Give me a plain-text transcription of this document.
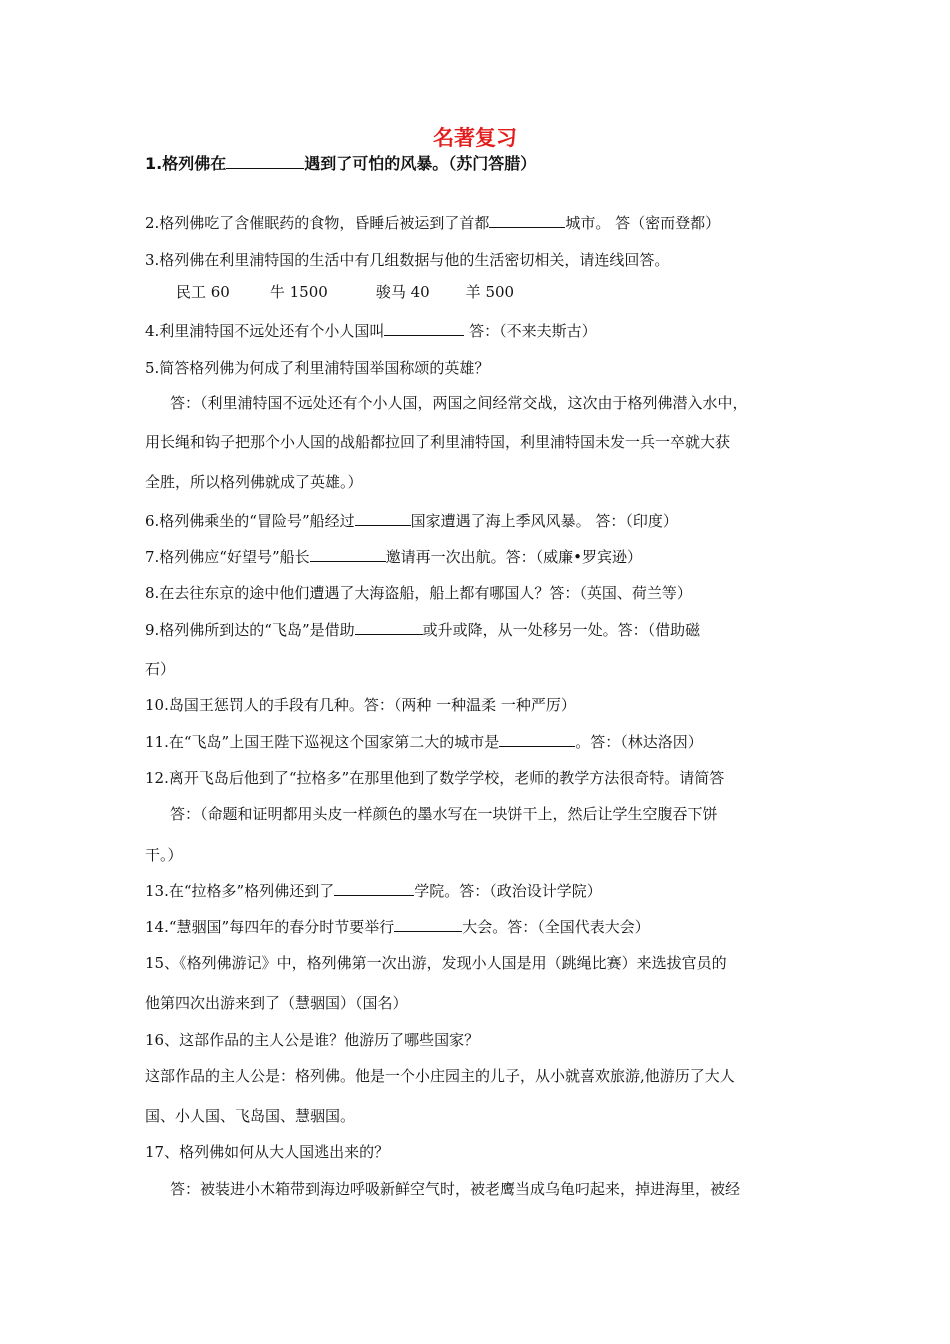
名著复习
1.格列佛在	遇到了可怕的风暴。（苏门答腊）
2.格列佛吃了含催眠药的食物，昏睡后被运到了首都	城市。 答（密而登都）
3.格列佛在利里浦特国的生活中有几组数据与他的生活密切相关，请连线回答。
民工 60	牛 1500	骏马 40 羊 500
4.利里浦特国不远处还有个小人国叫	答：（不来夫斯古）
5.简答格列佛为何成了利里浦特国举国称颂的英雄？
答：（利里浦特国不远处还有个小人国，两国之间经常交战，这次由于格列佛潜入水中，
用长绳和钩子把那个小人国的战船都拉回了利里浦特国，利里浦特国未发一兵一卒就大获
全胜，所以格列佛就成了英雄。）
6.格列佛乘坐的“冒险号”船经过	国家遭遇了海上季风风暴。 答：（印度）
7.格列佛应“好望号”船长	邀请再一次出航。答：（威廉•罗宾逊）
8.在去往东京的途中他们遭遇了大海盗船，船上都有哪国人？答：（英国、荷兰等）
9.格列佛所到达的“飞岛”是借助	或升或降，从一处移另一处。答：（借助磁
石）
10.岛国王惩罚人的手段有几种。答：（两种 一种温柔 一种严厉）
11.在“飞岛”上国王陛下巡视这个国家第二大的城市是	。答：（林达洛因）
12.离开飞岛后他到了“拉格多”在那里他到了数学学校，老师的教学方法很奇特。请简答
答：（命题和证明都用头皮一样颜色的墨水写在一块饼干上，然后让学生空腹吞下饼
干。）
13.在“拉格多”格列佛还到了	学院。答：（政治设计学院）
14.“慧骃国”每四年的春分时节要举行	大会。答：（全国代表大会）
15、《格列佛游记》中，格列佛第一次出游，发现小人国是用（跳绳比赛）来选拔官员的
他第四次出游来到了（慧骃国）（国名）
16、这部作品的主人公是谁？他游历了哪些国家？
这部作品的主人公是：格列佛。他是一个小庄园主的儿子，从小就喜欢旅游,他游历了大人
国、小人国、飞岛国、慧骃国。
17、格列佛如何从大人国逃出来的？
答：被装进小木箱带到海边呼吸新鲜空气时，被老鹰当成乌龟叼起来，掉进海里，被经
